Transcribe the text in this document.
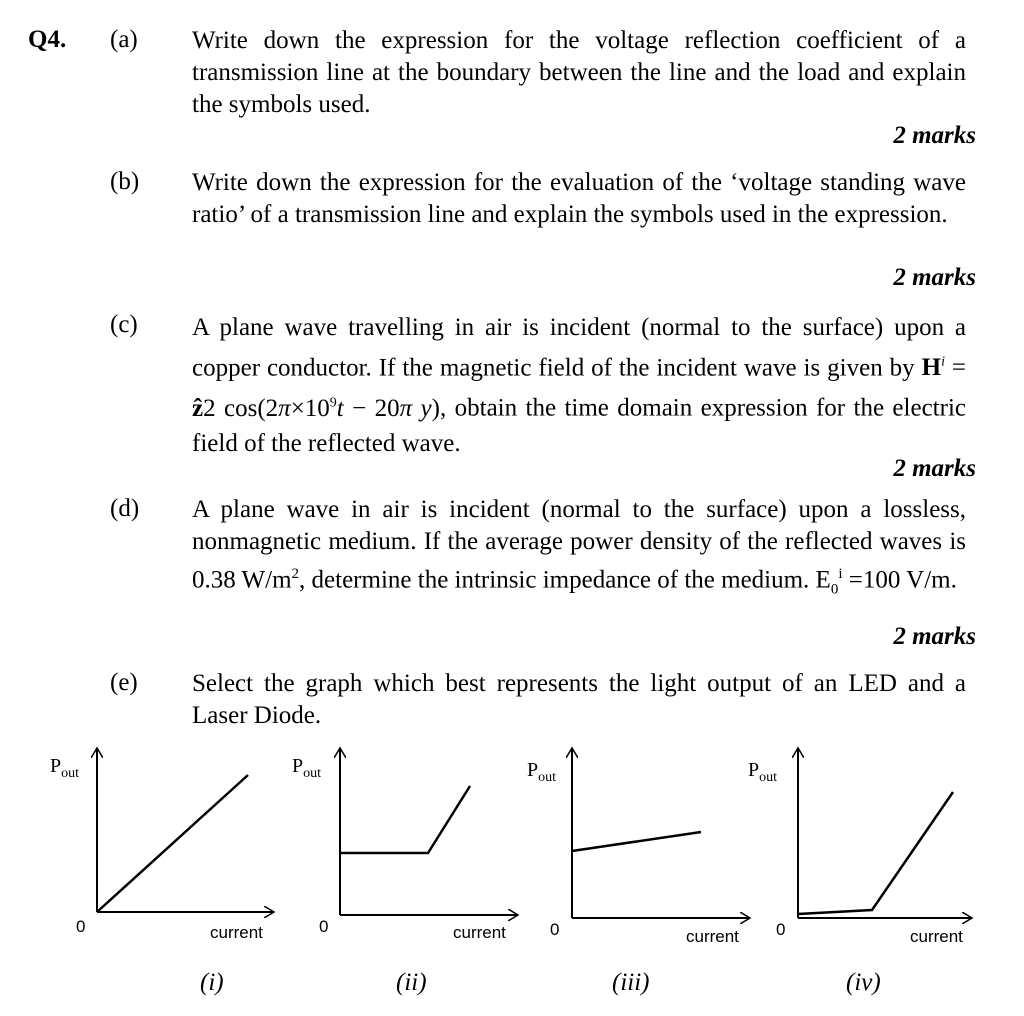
Q4. (a) Write down the expression for the voltage reflection coefficient of a transmission line at the boundary between the line and the load and explain the symbols used.
2 marks
(b) Write down the expression for the evaluation of the ‘voltage standing wave ratio’ of a transmission line and explain the symbols used in the expression.
2 marks
(c) A plane wave travelling in air is incident (normal to the surface) upon a copper conductor. If the magnetic field of the incident wave is given by $H^i$ = ẑ2 $\cos(2\pi\times 10^9t - 20\pi$ y), obtain the time domain expression for the electric field of the reflected wave.
2 marks
(d) A plane wave in air is incident (normal to the surface) upon a lossless, nonmagnetic medium. If the average power density of the reflected waves is 0.38 $W/m^2$, determine the intrinsic impedance of the medium. $E_0^i =100$ V/m.
2 marks
(e) Select the graph which best represents the light output of an LED and a Laser Diode.
$P_{out}$
0	current
(i)
$P_{out}$
0	current
(ii)
$P_{out}$
0	current
(iii)
$P_{out}$
0	current
(iv)
